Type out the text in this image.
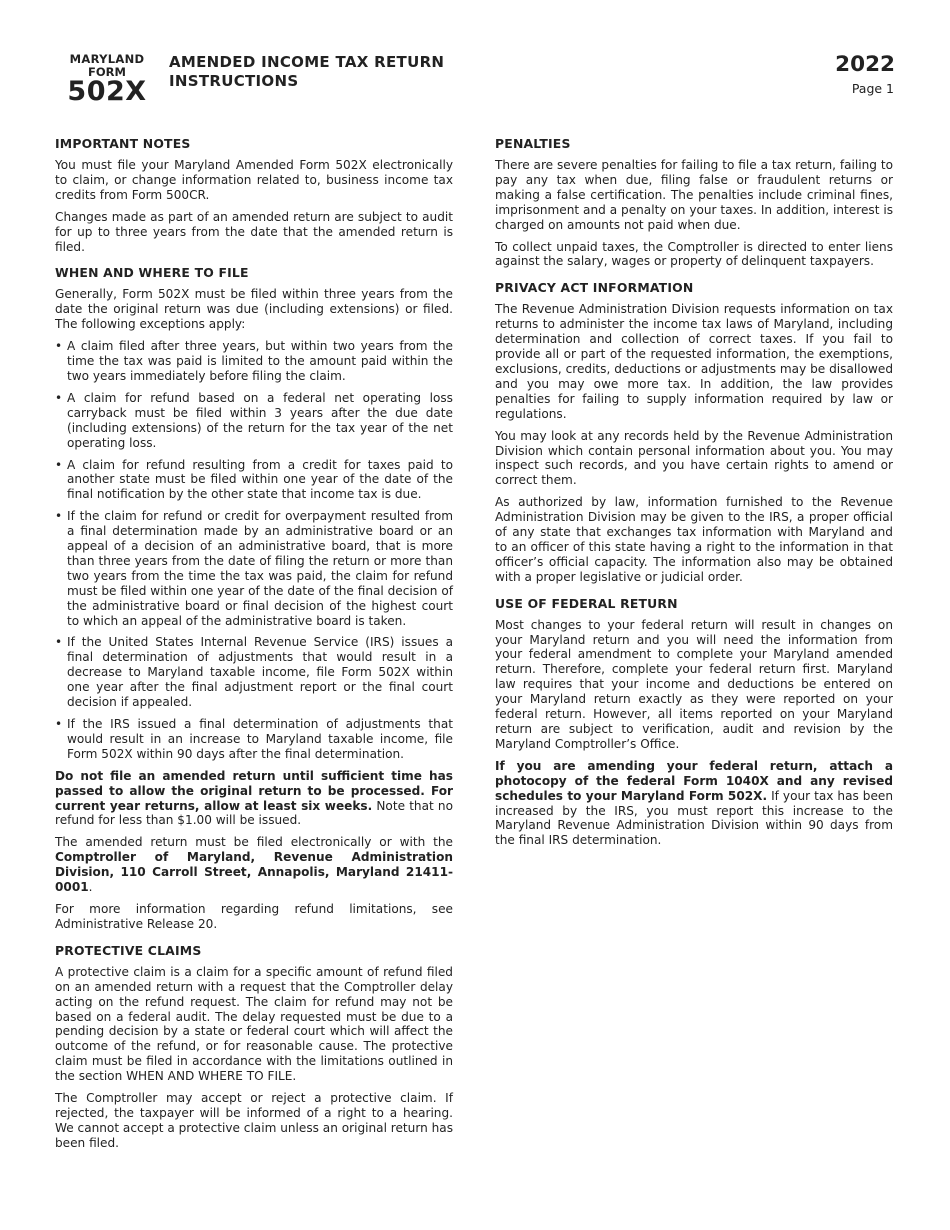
MARYLAND
FORM
502X
AMENDED INCOME TAX RETURN
INSTRUCTIONS
2022
Page 1
IMPORTANT NOTES

You must file your Maryland Amended Form 502X electronically to claim, or change information related to, business income tax credits from Form 500CR.

Changes made as part of an amended return are subject to audit for up to three years from the date that the amended return is filed.

WHEN AND WHERE TO FILE

Generally, Form 502X must be filed within three years from the date the original return was due (including extensions) or filed. The following exceptions apply:

• A claim filed after three years, but within two years from the time the tax was paid is limited to the amount paid within the two years immediately before filing the claim.
• A claim for refund based on a federal net operating loss carryback must be filed within 3 years after the due date (including extensions) of the return for the tax year of the net operating loss.
• A claim for refund resulting from a credit for taxes paid to another state must be filed within one year of the date of the final notification by the other state that income tax is due.
• If the claim for refund or credit for overpayment resulted from a final determination made by an administrative board or an appeal of a decision of an administrative board, that is more than three years from the date of filing the return or more than two years from the time the tax was paid, the claim for refund must be filed within one year of the date of the final decision of the administrative board or final decision of the highest court to which an appeal of the administrative board is taken.
• If the United States Internal Revenue Service (IRS) issues a final determination of adjustments that would result in a decrease to Maryland taxable income, file Form 502X within one year after the final adjustment report or the final court decision if appealed.
• If the IRS issued a final determination of adjustments that would result in an increase to Maryland taxable income, file Form 502X within 90 days after the final determination.

Do not file an amended return until sufficient time has passed to allow the original return to be processed. For current year returns, allow at least six weeks. Note that no refund for less than $1.00 will be issued.

The amended return must be filed electronically or with the Comptroller of Maryland, Revenue Administration Division, 110 Carroll Street, Annapolis, Maryland 21411-0001.

For more information regarding refund limitations, see Administrative Release 20.

PROTECTIVE CLAIMS

A protective claim is a claim for a specific amount of refund filed on an amended return with a request that the Comptroller delay acting on the refund request. The claim for refund may not be based on a federal audit. The delay requested must be due to a pending decision by a state or federal court which will affect the outcome of the refund, or for reasonable cause. The protective claim must be filed in accordance with the limitations outlined in the section WHEN AND WHERE TO FILE.

The Comptroller may accept or reject a protective claim. If rejected, the taxpayer will be informed of a right to a hearing. We cannot accept a protective claim unless an original return has been filed.

PENALTIES

There are severe penalties for failing to file a tax return, failing to pay any tax when due, filing false or fraudulent returns or making a false certification. The penalties include criminal fines, imprisonment and a penalty on your taxes. In addition, interest is charged on amounts not paid when due.

To collect unpaid taxes, the Comptroller is directed to enter liens against the salary, wages or property of delinquent taxpayers.

PRIVACY ACT INFORMATION

The Revenue Administration Division requests information on tax returns to administer the income tax laws of Maryland, including determination and collection of correct taxes. If you fail to provide all or part of the requested information, the exemptions, exclusions, credits, deductions or adjustments may be disallowed and you may owe more tax. In addition, the law provides penalties for failing to supply information required by law or regulations.

You may look at any records held by the Revenue Administration Division which contain personal information about you. You may inspect such records, and you have certain rights to amend or correct them.

As authorized by law, information furnished to the Revenue Administration Division may be given to the IRS, a proper official of any state that exchanges tax information with Maryland and to an officer of this state having a right to the information in that officer’s official capacity. The information also may be obtained with a proper legislative or judicial order.

USE OF FEDERAL RETURN

Most changes to your federal return will result in changes on your Maryland return and you will need the information from your federal amendment to complete your Maryland amended return. Therefore, complete your federal return first. Maryland law requires that your income and deductions be entered on your Maryland return exactly as they were reported on your federal return. However, all items reported on your Maryland return are subject to verification, audit and revision by the Maryland Comptroller’s Office.

If you are amending your federal return, attach a photocopy of the federal Form 1040X and any revised schedules to your Maryland Form 502X. If your tax has been increased by the IRS, you must report this increase to the Maryland Revenue Administration Division within 90 days from the final IRS determination.
